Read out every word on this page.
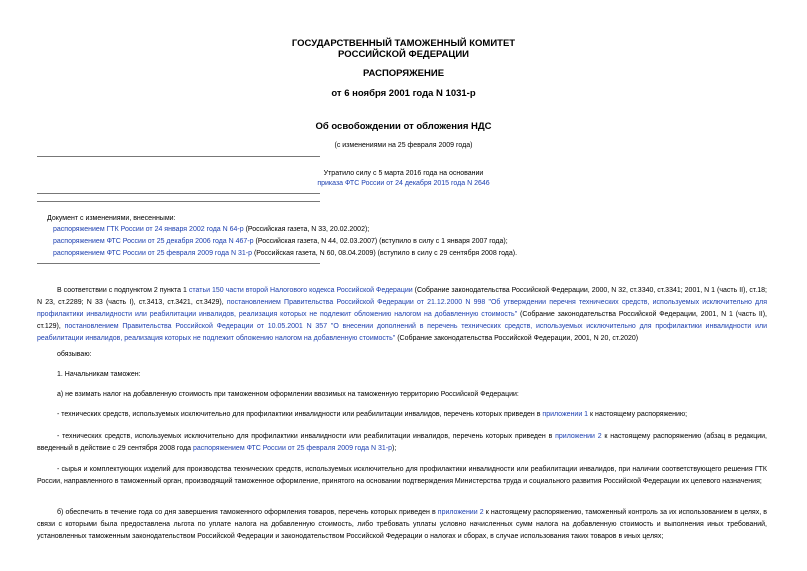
ГОСУДАРСТВЕННЫЙ ТАМОЖЕННЫЙ КОМИТЕТ
РОССИЙСКОЙ ФЕДЕРАЦИИ
РАСПОРЯЖЕНИЕ
от 6 ноября 2001 года N 1031-р
Об освобождении от обложения НДС
(с изменениями на 25 февраля 2009 года)
Утратило силу с 5 марта 2016 года на основании
приказа ФТС России от 24 декабря 2015 года N 2646
Документ с изменениями, внесенными:
распоряжением ГТК России от 24 января 2002 года N 64-р (Российская газета, N 33, 20.02.2002);
распоряжением ФТС России от 25 декабря 2006 года N 467-р (Российская газета, N 44, 02.03.2007) (вступило в силу с 1 января 2007 года);
распоряжением ФТС России от 25 февраля 2009 года N 31-р (Российская газета, N 60, 08.04.2009) (вступило в силу с 29 сентября 2008 года).
В соответствии с подпунктом 2 пункта 1 статьи 150 части второй Налогового кодекса Российской Федерации (Собрание законодательства Российской Федерации, 2000, N 32, ст.3340, ст.3341; 2001, N 1 (часть II), ст.18; N 23, ст.2289; N 33 (часть I), ст.3413, ст.3421, ст.3429), постановлением Правительства Российской Федерации от 21.12.2000 N 998 "Об утверждении перечня технических средств, используемых исключительно для профилактики инвалидности или реабилитации инвалидов, реализация которых не подлежит обложению налогом на добавленную стоимость" (Собрание законодательства Российской Федерации, 2001, N 1 (часть II), ст.129), постановлением Правительства Российской Федерации от 10.05.2001 N 357 "О внесении дополнений в перечень технических средств, используемых исключительно для профилактики инвалидности или реабилитации инвалидов, реализация которых не подлежит обложению налогом на добавленную стоимость" (Собрание законодательства Российской Федерации, 2001, N 20, ст.2020)
обязываю:
1. Начальникам таможен:
а) не взимать налог на добавленную стоимость при таможенном оформлении ввозимых на таможенную территорию Российской Федерации:
- технических средств, используемых исключительно для профилактики инвалидности или реабилитации инвалидов, перечень которых приведен в приложении 1 к настоящему распоряжению;
- технических средств, используемых исключительно для профилактики инвалидности или реабилитации инвалидов, перечень которых приведен в приложении 2 к настоящему распоряжению (абзац в редакции, введенный в действие с 29 сентября 2008 года распоряжением ФТС России от 25 февраля 2009 года N 31-р);
- сырья и комплектующих изделий для производства технических средств, используемых исключительно для профилактики инвалидности или реабилитации инвалидов, при наличии соответствующего решения ГТК России, направленного в таможенный орган, производящий таможенное оформление, принятого на основании подтверждения Министерства труда и социального развития Российской Федерации их целевого назначения;
б) обеспечить в течение года со дня завершения таможенного оформления товаров, перечень которых приведен в приложении 2 к настоящему распоряжению, таможенный контроль за их использованием в целях, в связи с которыми была предоставлена льгота по уплате налога на добавленную стоимость, либо требовать уплаты условно начисленных сумм налога на добавленную стоимость и выполнения иных требований, установленных таможенным законодательством Российской Федерации и законодательством Российской Федерации о налогах и сборах, в случае использования таких товаров в иных целях;
